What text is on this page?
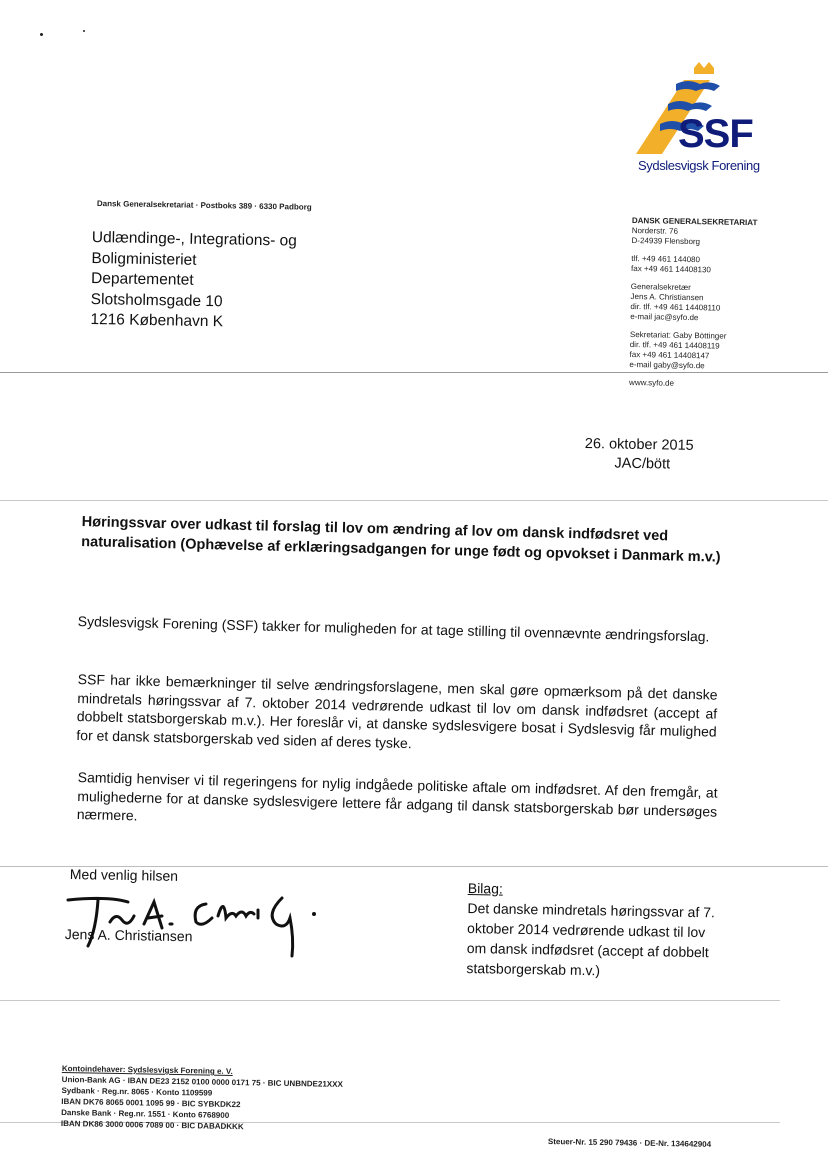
SSF
Sydslesvigsk Forening
Dansk Generalsekretariat · Postboks 389 · 6330 Padborg
Udlændinge-, Integrations- og
Boligministeriet
Departementet
Slotsholmsgade 10
1216 København K
DANSK GENERALSEKRETARIAT
Norderstr. 76
D-24939 Flensborg
tlf. +49 461 144080
fax +49 461 14408130
Generalsekretær
Jens A. Christiansen
dir. tlf. +49 461 14408110
e-mail jac@syfo.de
Sekretariat: Gaby Böttinger
dir. tlf. +49 461 14408119
fax +49 461 14408147
e-mail gaby@syfo.de
www.syfo.de
26. oktober 2015
JAC/bött
Høringssvar over udkast til forslag til lov om ændring af lov om dansk indfødsret ved naturalisation (Ophævelse af erklæringsadgangen for unge født og opvokset i Danmark m.v.)
Sydslesvigsk Forening (SSF) takker for muligheden for at tage stilling til ovennævnte ændringsforslag.
SSF har ikke bemærkninger til selve ændringsforslagene, men skal gøre opmærksom på det danske mindretals høringssvar af 7. oktober 2014 vedrørende udkast til lov om dansk indfødsret (accept af dobbelt statsborgerskab m.v.). Her foreslår vi, at danske sydslesvigere bosat i Sydslesvig får mulighed for et dansk statsborgerskab ved siden af deres tyske.
Samtidig henviser vi til regeringens for nylig indgåede politiske aftale om indfødsret. Af den fremgår, at mulighederne for at danske sydslesvigere lettere får adgang til dansk statsborgerskab bør undersøges nærmere.
Med venlig hilsen
Jens A. Christiansen
Bilag:
Det danske mindretals høringssvar af 7. oktober 2014 vedrørende udkast til lov om dansk indfødsret (accept af dobbelt statsborgerskab m.v.)
Kontoindehaver: Sydslesvigsk Forening e. V.
Union-Bank AG · IBAN DE23 2152 0100 0000 0171 75 · BIC UNBNDE21XXX
Sydbank · Reg.nr. 8065 · Konto 1109599
IBAN DK76 8065 0001 1095 99 · BIC SYBKDK22
Danske Bank · Reg.nr. 1551 · Konto 6768900
IBAN DK86 3000 0006 7089 00 · BIC DABADKKK
Steuer-Nr. 15 290 79436 · DE-Nr. 134642904
